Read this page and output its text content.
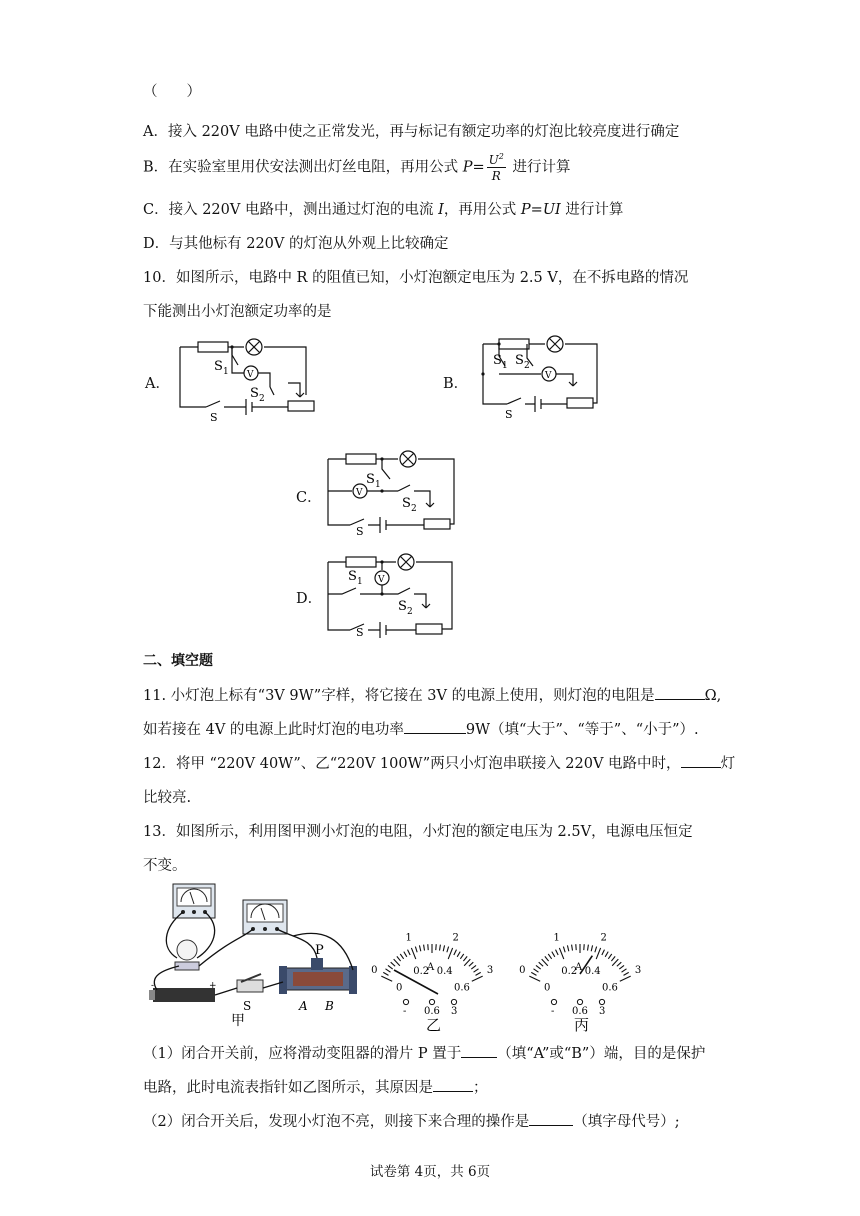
（　　）
A．接入 220V 电路中使之正常发光，再与标记有额定功率的灯泡比较亮度进行确定
B．在实验室里用伏安法测出灯丝电阻，再用公式 $P= \frac{U^2}{R}$ 进行计算
C．接入 220V 电路中，测出通过灯泡的电流 I，再用公式 P=UI 进行计算
D．与其他标有 220V 的灯泡从外观上比较确定
10．如图所示，电路中 R 的阻值已知，小灯泡额定电压为 2.5 V，在不拆电路的情况
下能测出小灯泡额定功率的是
A．	B．
C．
D．
S 1
S 2
V
S
S 1 S 2
V
S
S 1
S 2
V
S
S 1
S 2
V
S
二、填空题
11. 小灯泡上标有“3V 9W”字样，将它接在 3V 的电源上使用，则灯泡的电阻是	Ω,
如若接在 4V 的电源上此时灯泡的电功率	9W（填“大于”、“等于”、“小于”）.
12．将甲 “220V 40W”、乙“220V 100W”两只小灯泡串联接入 220V 电路中时，	灯
比较亮.
13．如图所示，利用图甲测小灯泡的电阻，小灯泡的额定电压为 2.5V，电源电压恒定
不变。
-	+
P
A B
S
甲
0
1	2
3
0
0.2 0.4
0.6
A
- 0.6 3
乙
0
1	2
3
0
0.2 0.4
0.6
A
- 0.6 3
丙
（1）闭合开关前，应将滑动变阻器的滑片 P 置于 （填“A”或“B”）端，目的是保护
电路，此时电流表指针如乙图所示，其原因是	；
（2）闭合开关后，发现小灯泡不亮，则接下来合理的操作是	（填字母代号）;
试卷第 4页，共 6页
